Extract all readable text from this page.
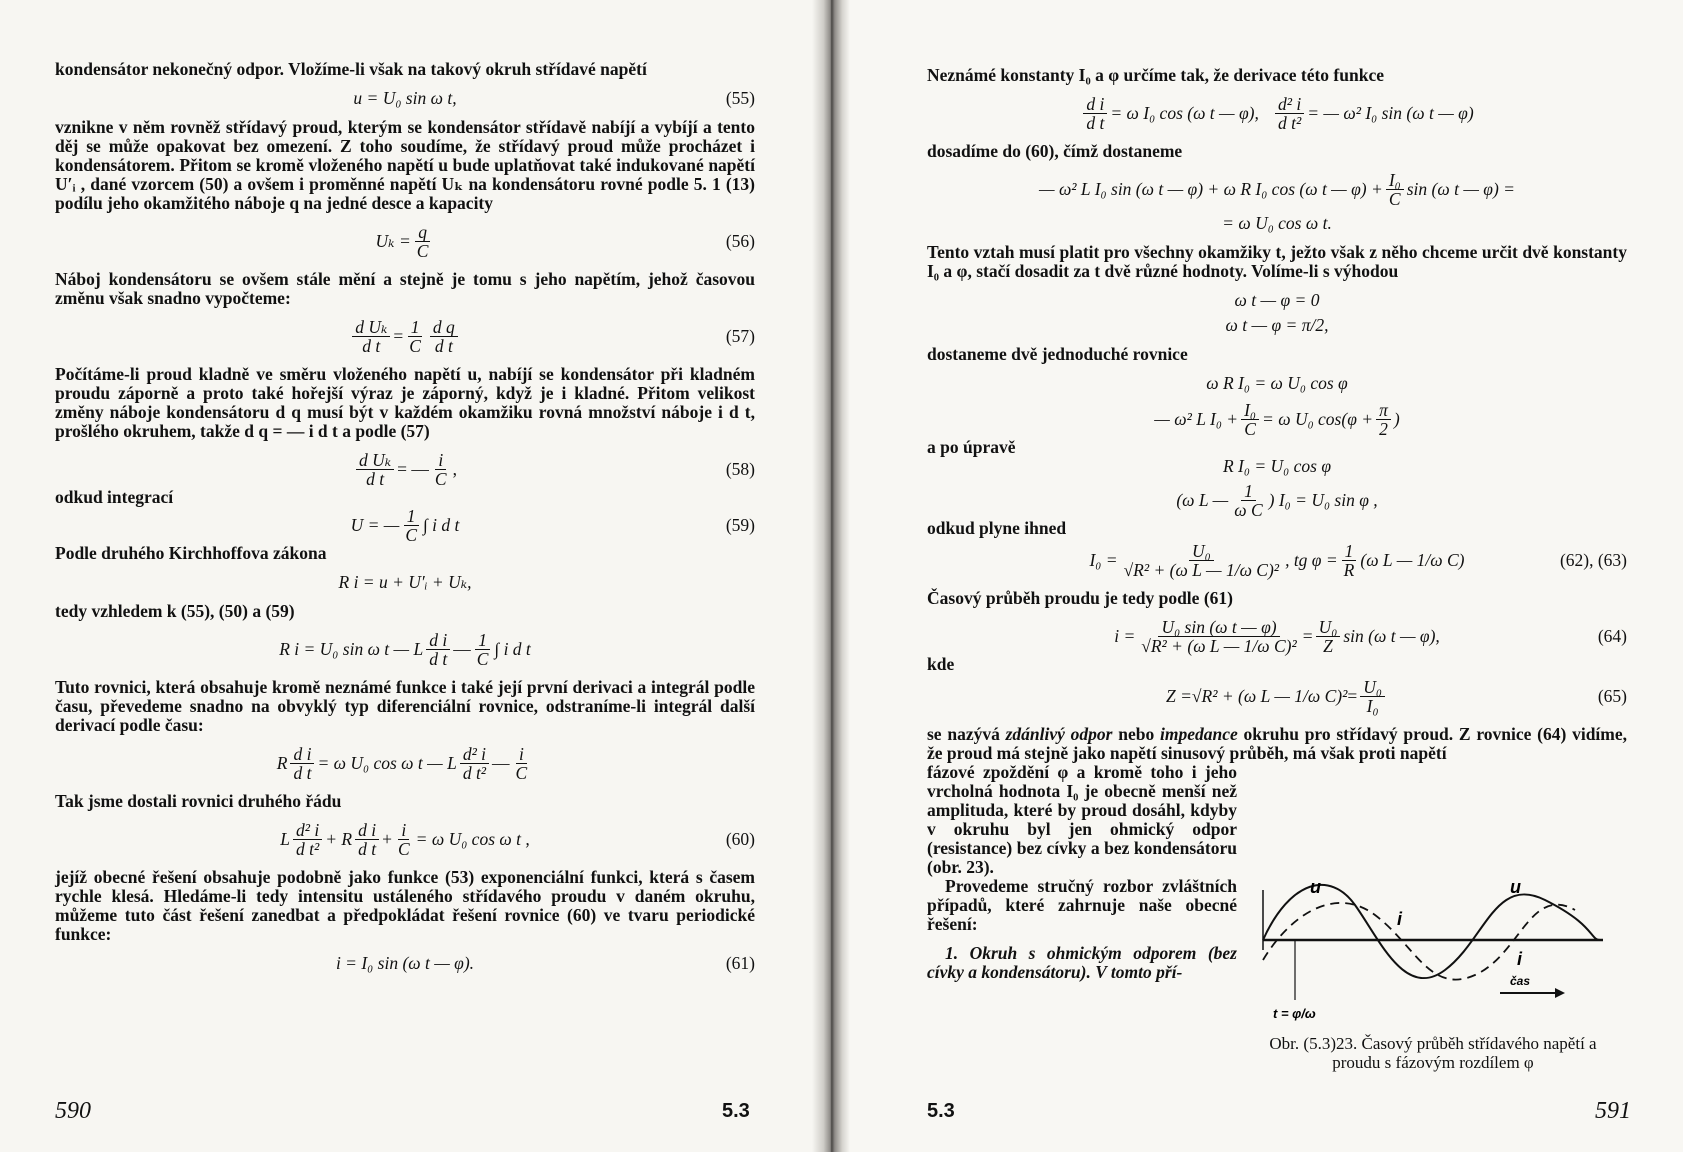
kondensátor nekonečný odpor. Vložíme-li však na takový okruh střídavé napětí

u = U₀ sin ω t,	(55)

vznikne v něm rovněž střídavý proud, kterým se kondensátor střídavě nabíjí a vybíjí a tento děj se může opakovat bez omezení. Z toho soudíme, že střídavý proud může procházet i kondensátorem. Přitom se kromě vloženého napětí u bude uplatňovat také indukované napětí U′ᵢ , dané vzorcem (50) a ovšem i proměnné napětí Uₖ na kondensátoru rovné podle 5. 1 (13) podílu jeho okamžitého náboje q na jedné desce a kapacity

$U_k = \frac{q}{C}$	(56)

Náboj kondensátoru se ovšem stále mění a stejně je tomu s jeho napětím, jehož časovou změnu však snadno vypočteme:

$\frac{\text{d Uₖ}}{\text{d t}} = \frac{1}{C} \frac{\text{d q}}{\text{d t}}$	(57)

Počítáme-li proud kladně ve směru vloženého napětí u, nabíjí se kondensátor při kladném proudu záporně a proto také hořejší výraz je záporný, když je i kladné. Přitom velikost změny náboje kondensátoru d q musí být v každém okamžiku rovná množství náboje i d t, prošlého okruhem, takže d q = — i d t a podle (57)

$\frac{\text{d Uₖ}}{\text{d t}}$ = — $\frac{i}{C}$ ,	(58)

odkud integrací

U = — $\frac{1}{C}$ ∫ i d t	(59)

Podle druhého Kirchhoffova zákona

R i = u + U′ᵢ + Uₖ,

tedy vzhledem k (55), (50) a (59)

R i = U₀ sin ω t — L $\frac{\text{d i}}{\text{d t}}$ — $\frac{1}{C}$ ∫ i d t

Tuto rovnici, která obsahuje kromě neznámé funkce i také její první derivaci a integrál podle času, převedeme snadno na obvyklý typ diferenciální rovnice, odstraníme-li integrál další derivací podle času:

R $\frac{\text{d i}}{\text{d t}} = \omega$ U₀ cos ω t — L $\frac{\text{d² i}}{\text{d t²}}$ — $\frac{i}{C}$

Tak jsme dostali rovnici druhého řádu

L $\frac{\text{d² i}}{\text{d t²}} + R \frac{\text{d i}}{\text{d t}} + \frac{i}{C} = \omega$ U₀ cos ω t ,	(60)

jejíž obecné řešení obsahuje podobně jako funkce (53) exponenciální funkci, která s časem rychle klesá. Hledáme-li tedy intensitu ustáleného střídavého proudu v daném okruhu, můžeme tuto část řešení zanedbat a předpokládat řešení rovnice (60) ve tvaru periodické funkce:

i = I₀ sin (ω t — φ).	(61)
590	5.3

Neznámé konstanty I₀ a φ určíme tak, že derivace této funkce

$\frac{\text{d i}}{\text{d t}} = \omega$ I₀ cos (ω t — φ),
$\frac{\text{d² i}}{\text{d t²}}$ = — ω² I₀ sin (ω t — φ)

dosadíme do (60), čímž dostaneme

— ω² L I₀ sin (ω t — φ) + ω R I₀ cos (ω t — $\varphi) + \frac{\text{I₀}}{C}$ sin (ω t — φ) =
= ω U₀ cos ω t.

Tento vztah musí platit pro všechny okamžiky t, ježto však z něho chceme určit dvě konstanty I₀ a φ, stačí dosadit za t dvě různé hodnoty. Volíme-li s výhodou

ω t — φ = 0
ω t — φ = π/2,

dostaneme dvě jednoduché rovnice

ω R I₀ = ω U₀ cos φ
— ω² L $I_0 + \frac{\text{I₀}}{C} = \omega$ U₀ $\cos (\varphi + \frac{\pi}{2}$ )

a po úpravě

R I₀ = U₀ cos φ
(ω L — $\frac{1}{\text{ω C}}$ ) I₀ = U₀ sin φ ,

odkud plyne ihned

$I_0 = \frac{\text{U₀}}{\text{√R² + (ω L — 1/ω C)²}}$ , tg $\varphi = \frac{1}{R} (\omega$ L — 1/ω C)	(62), (63)

Časový průběh proudu je tedy podle (61)

$i = \frac{\text{U₀ sin (ω t — φ)}}{\text{√R² + (ω L — 1/ω C)²}} = \frac{\text{U₀}}{Z}$ sin (ω t — φ),	(64)

kde

Z = √R² + (ω L — 1/ω $C)^2 = \frac{\text{U₀}}{\text{I₀}}$	(65)

se nazývá zdánlivý odpor nebo impedance okruhu pro střídavý proud. Z rovnice (64) vidíme, že proud má stejně jako napětí sinusový průběh, má však proti napětí

fázové zpoždění φ a kromě toho i jeho vrcholná hodnota I₀ je obecně menší než amplituda, které by proud dosáhl, kdyby v okruhu byl jen ohmický odpor (resistance) bez cívky a bez kondensátoru (obr. 23).

Provedeme stručný rozbor zvláštních případů, které zahrnuje naše obecné řešení:

1. Okruh s ohmickým odporem (bez cívky a kondensátoru). V tomto pří-

u	u
i
i
čas
t = φ/ω
Obr. (5.3)23. Časový průběh střídavého napětí a proudu s fázovým rozdílem φ
5.3	591
